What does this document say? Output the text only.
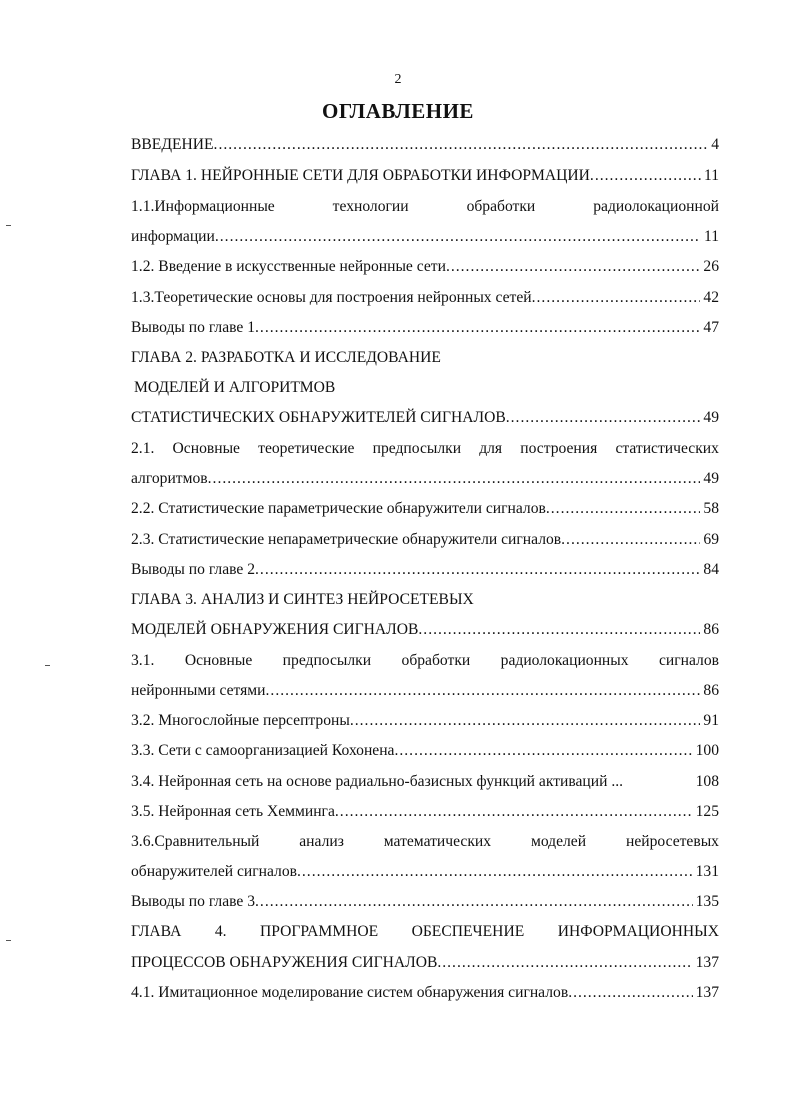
2
ОГЛАВЛЕНИЕ
ВВЕДЕНИЕ .....	4
ГЛАВА 1. НЕЙРОННЫЕ СЕТИ ДЛЯ ОБРАБОТКИ ИНФОРМАЦИИ .....	11
1.1.Информационные	технологии	обработки	радиолокационной
информации .....	11
1.2. Введение в искусственные нейронные сети .....	26
1.3.Теоретические основы для построения нейронных сетей .....	42
Выводы по главе 1 .....	47
ГЛАВА 2. РАЗРАБОТКА И ИССЛЕДОВАНИЕ
МОДЕЛЕЙ И АЛГОРИТМОВ
СТАТИСТИЧЕСКИХ ОБНАРУЖИТЕЛЕЙ СИГНАЛОВ .....	49
2.1. Основные теоретические предпосылки для построения статистических
алгоритмов .....	49
2.2. Статистические параметрические обнаружители сигналов .....	58
2.3. Статистические непараметрические обнаружители сигналов .....	69
Выводы по главе 2 .....	84
ГЛАВА 3. АНАЛИЗ И СИНТЕЗ НЕЙРОСЕТЕВЫХ
МОДЕЛЕЙ ОБНАРУЖЕНИЯ СИГНАЛОВ .....	86
3.1. Основные предпосылки обработки радиолокационных сигналов
нейронными сетями .....	86
3.2. Многослойные персептроны .....	91
3.3. Сети с самоорганизацией Кохонена .....	100
3.4. Нейронная сеть на основе радиально-базисных функций активаций ...	108
3.5. Нейронная сеть Хемминга .....	125
3.6.Сравнительный	анализ	математических	моделей	нейросетевых
обнаружителей сигналов .....	131
Выводы по главе 3 .....	135
ГЛАВА 4. ПРОГРАММНОЕ ОБЕСПЕЧЕНИЕ ИНФОРМАЦИОННЫХ
ПРОЦЕССОВ ОБНАРУЖЕНИЯ СИГНАЛОВ .....	137
4.1. Имитационное моделирование систем обнаружения сигналов .....	137
